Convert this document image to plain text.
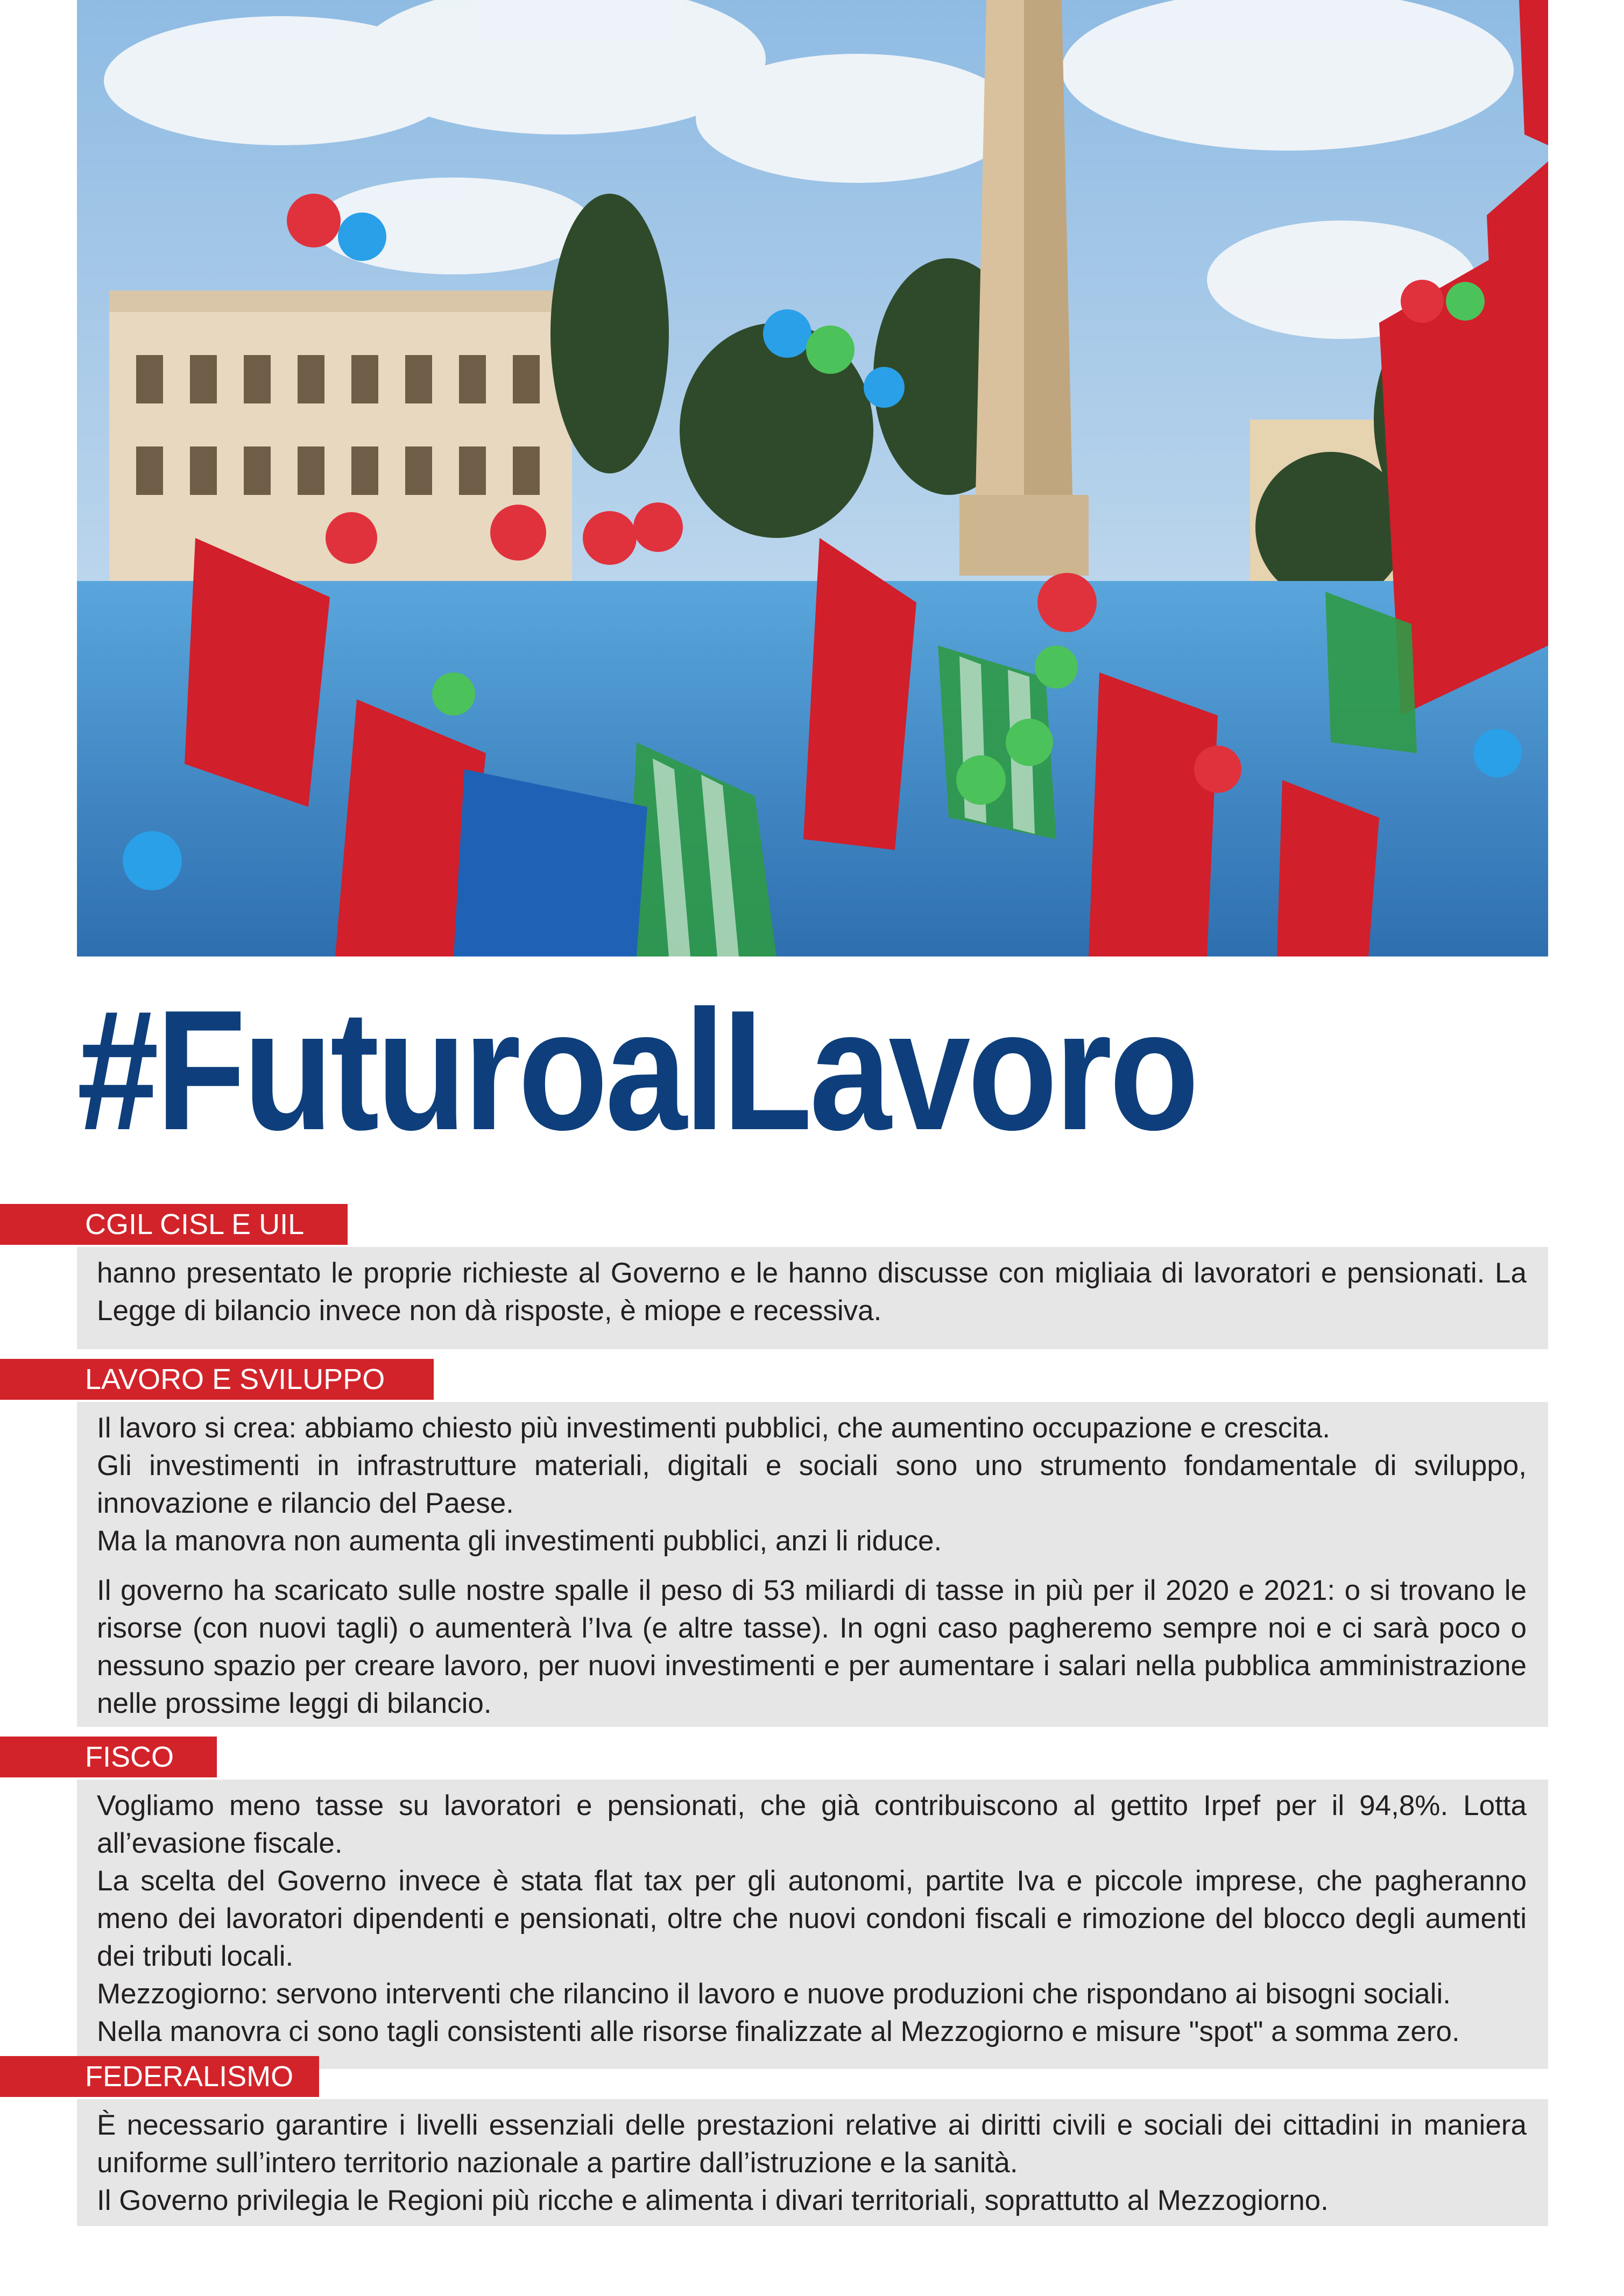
#FuturoalLavoro
CGIL CISL E UIL

hanno presentato le proprie richieste al Governo e le hanno discusse con migliaia di lavoratori e pensionati. La Legge di bilancio invece non dà risposte, è miope e recessiva.

LAVORO E SVILUPPO

Il lavoro si crea: abbiamo chiesto più investimenti pubblici, che aumentino occupazione e crescita.

Gli investimenti in infrastrutture materiali, digitali e sociali sono uno strumento fondamentale di sviluppo, innovazione e rilancio del Paese.

Ma la manovra non aumenta gli investimenti pubblici, anzi li riduce.

Il governo ha scaricato sulle nostre spalle il peso di 53 miliardi di tasse in più per il 2020 e 2021: o si trovano le risorse (con nuovi tagli) o aumenterà l’Iva (e altre tasse). In ogni caso pagheremo sempre noi e ci sarà poco o nessuno spazio per creare lavoro, per nuovi investimenti e per aumentare i salari nella pubblica amministrazione nelle prossime leggi di bilancio.

FISCO

Vogliamo meno tasse su lavoratori e pensionati, che già contribuiscono al gettito Irpef per il 94,8%. Lotta all’evasione fiscale.

La scelta del Governo invece è stata flat tax per gli autonomi, partite Iva e piccole imprese, che pagheranno meno dei lavoratori dipendenti e pensionati, oltre che nuovi condoni fiscali e rimozione del blocco degli aumenti dei tributi locali.

Mezzogiorno: servono interventi che rilancino il lavoro e nuove produzioni che rispondano ai bisogni sociali.

Nella manovra ci sono tagli consistenti alle risorse finalizzate al Mezzogiorno e misure "spot" a somma zero.

FEDERALISMO

È necessario garantire i livelli essenziali delle prestazioni relative ai diritti civili e sociali dei cittadini in maniera uniforme sull’intero territorio nazionale a partire dall’istruzione e la sanità.

Il Governo privilegia le Regioni più ricche e alimenta i divari territoriali, soprattutto al Mezzogiorno.
